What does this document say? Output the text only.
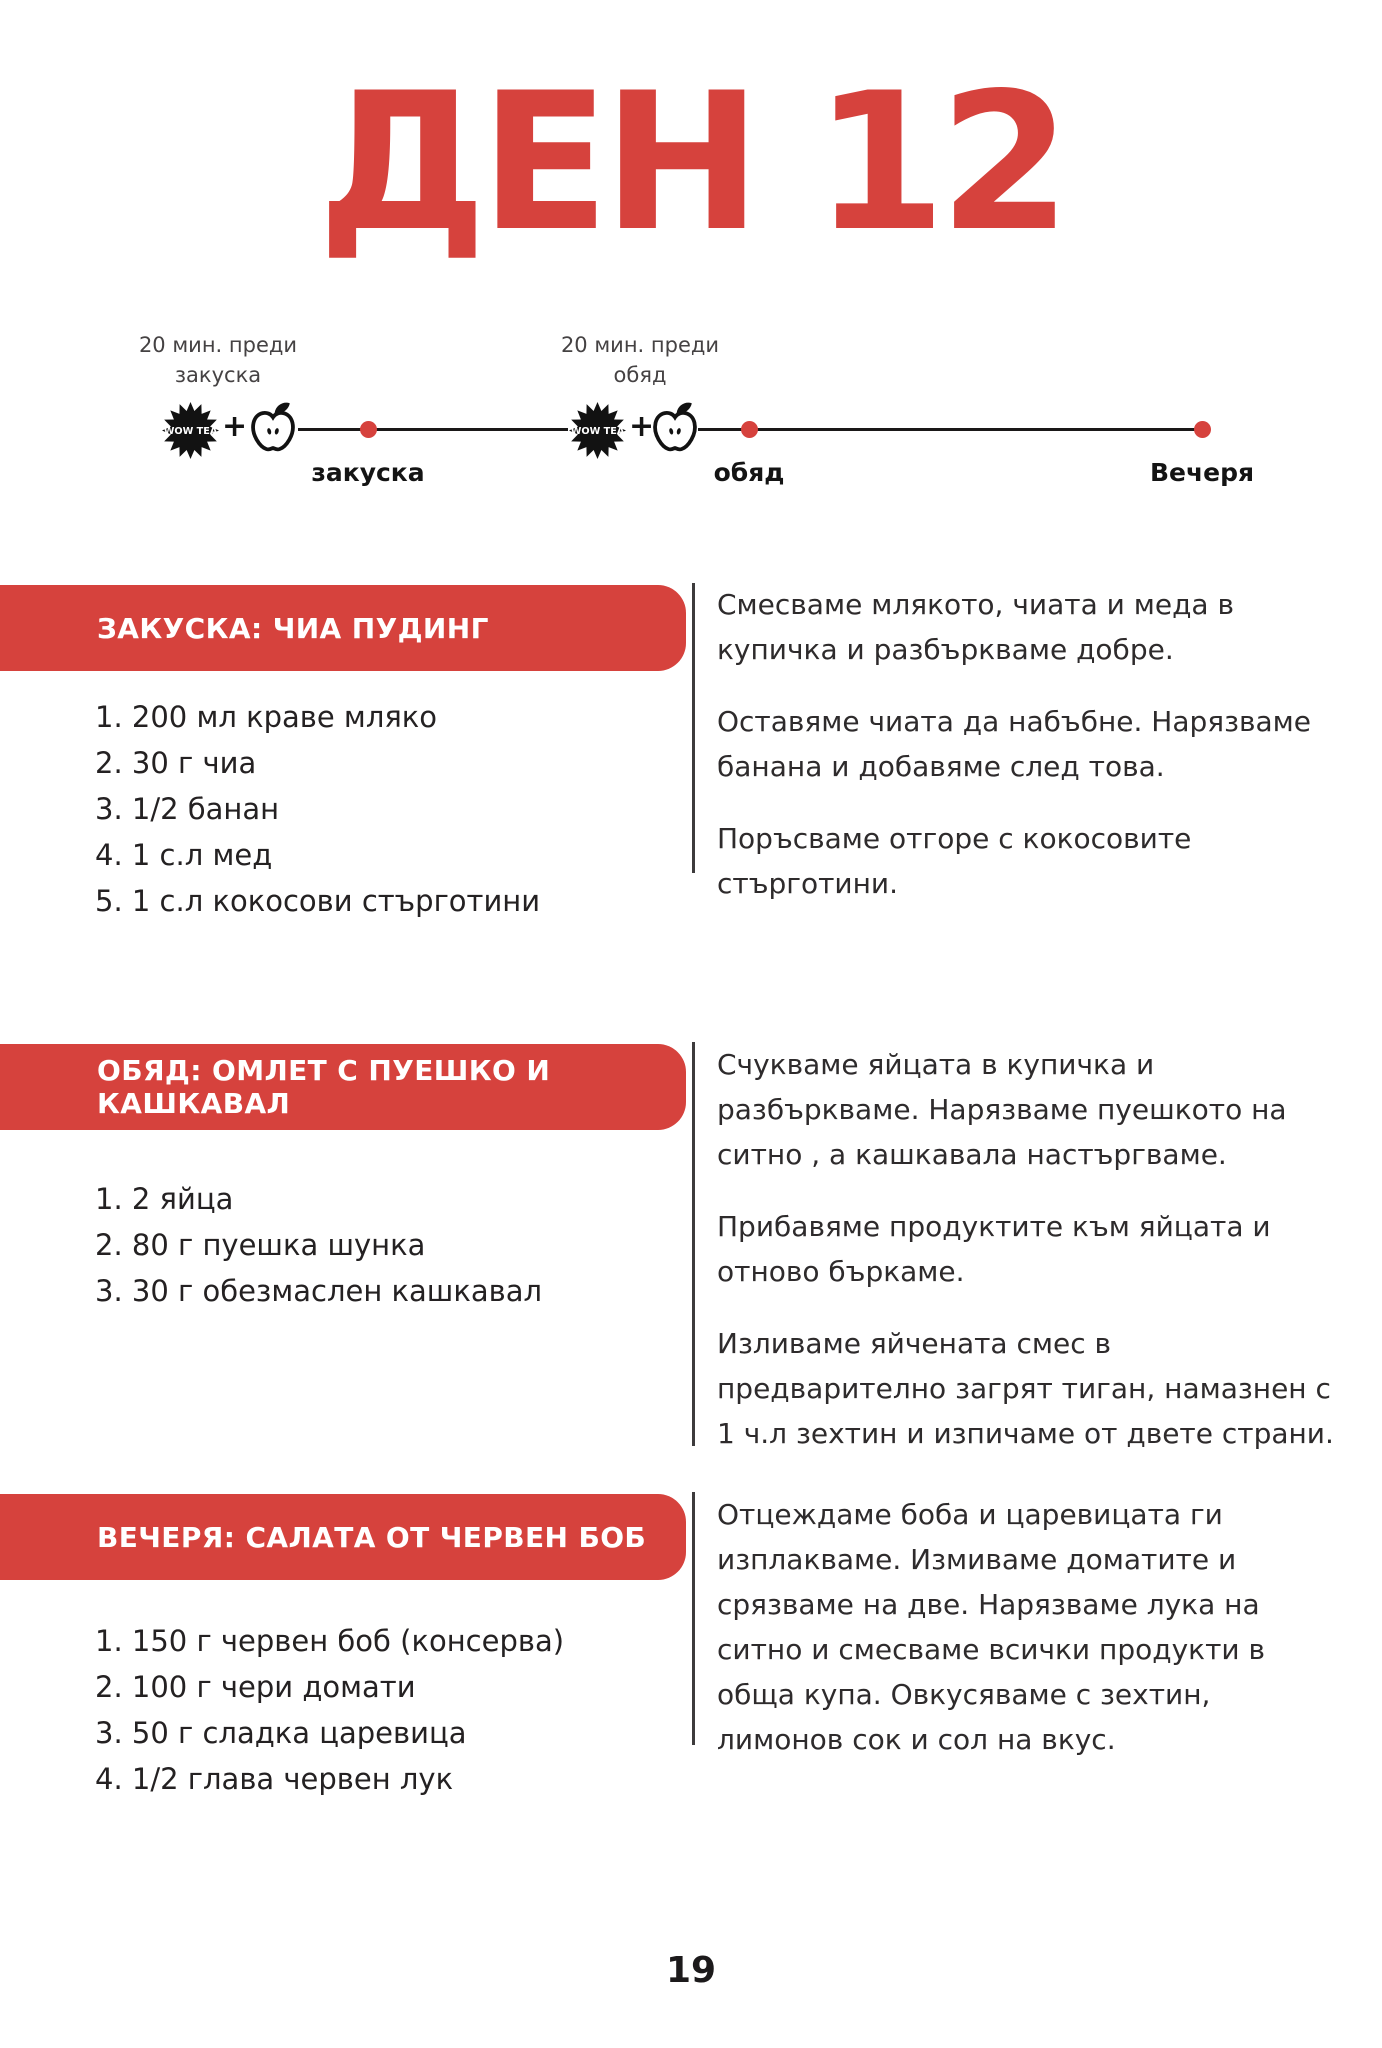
ДЕН 12
20 мин. преди
закуска
20 мин. преди
обяд
WOW TEA +	WOW TEA +
закуска	обяд	Вечеря
ЗАКУСКА: ЧИА ПУДИНГ
1. 200 мл краве мляко
2. 30 г чиа
3. 1/2 банан
4. 1 с.л мед
5. 1 с.л кокосови стърготини

Смесваме млякото, чиата и меда в купичка и разбъркваме добре.

Оставяме чиата да набъбне. Нарязваме банана и добавяме след това.

Поръсваме отгоре с кокосовите стърготини.

ОБЯД: ОМЛЕТ С ПУЕШКО И КАШКАВАЛ
1. 2 яйца
2. 80 г пуешка шунка
3. 30 г обезмаслен кашкавал

Счукваме яйцата в купичка и разбъркваме. Нарязваме пуешкото на ситно , а кашкавала настъргваме.

Прибавяме продуктите към яйцата и отново бъркаме.

Изливаме яйчената смес в предварително загрят тиган, намазнен с 1 ч.л зехтин и изпичаме от двете страни.

ВЕЧЕРЯ: САЛАТА ОТ ЧЕРВЕН БОБ
1. 150 г червен боб (консерва)
2. 100 г чери домати
3. 50 г сладка царевица
4. 1/2 глава червен лук

Отцеждаме боба и царевицата ги изплакваме. Измиваме доматите и срязваме на две. Нарязваме лука на ситно и смесваме всички продукти в обща купа. Овкусяваме с зехтин, лимонов сок и сол на вкус.

19
